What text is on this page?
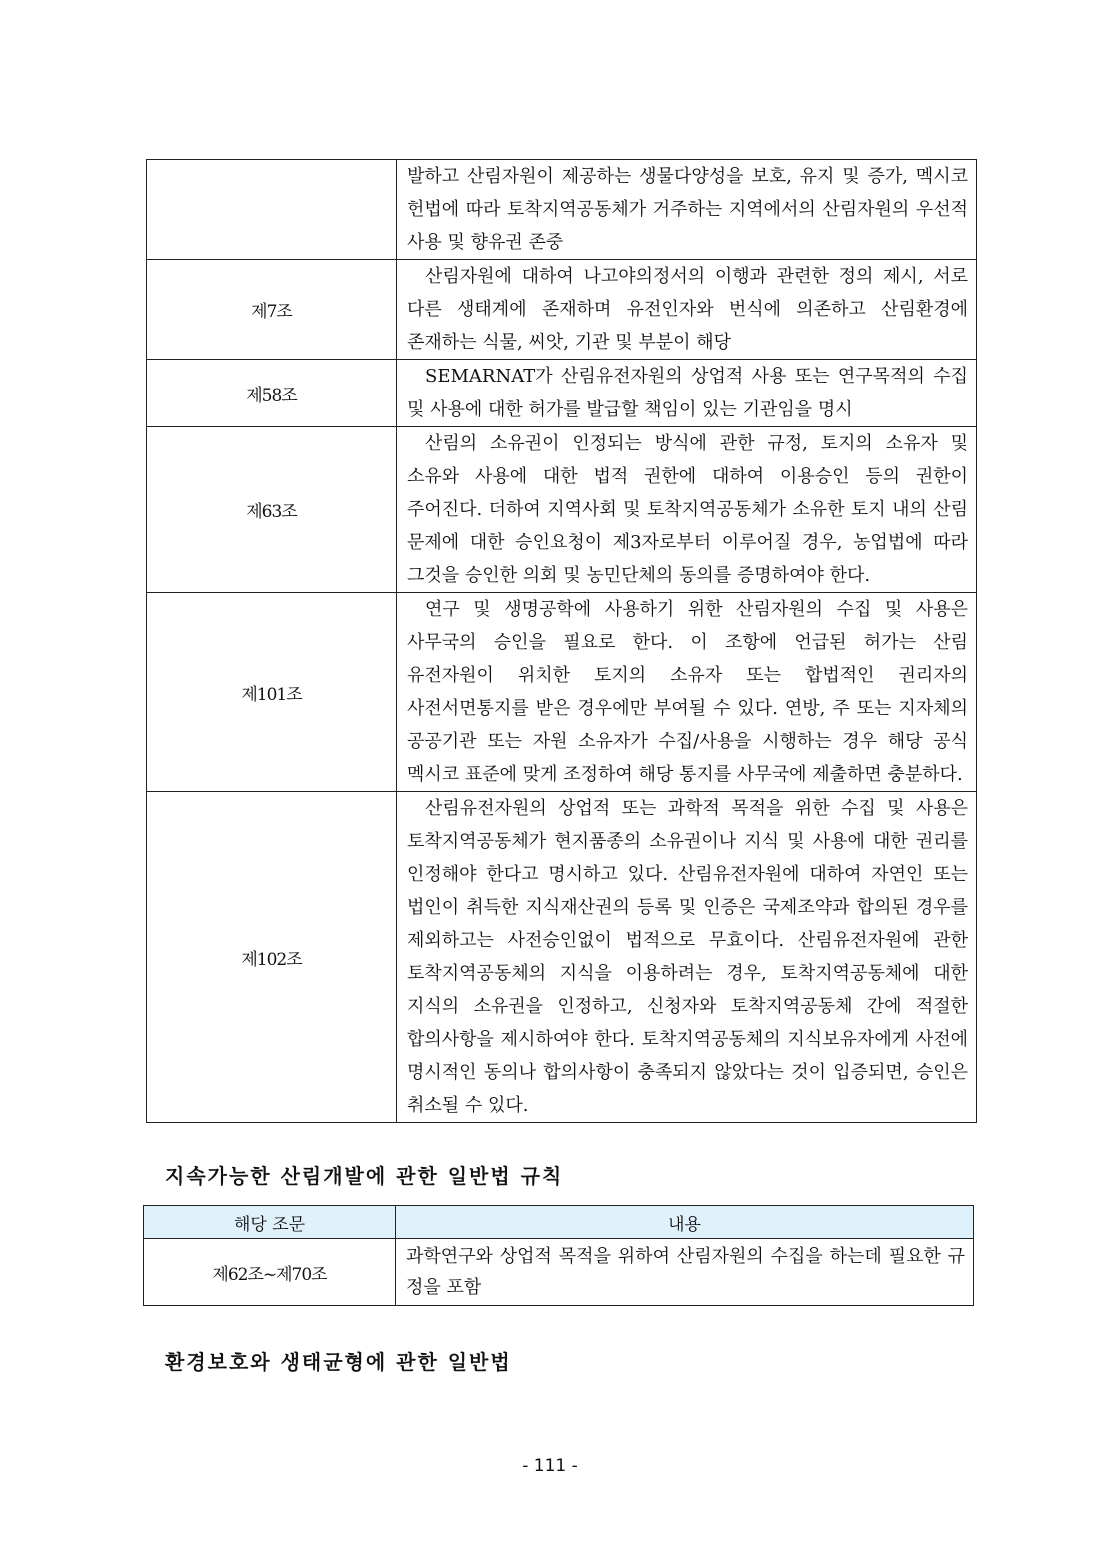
	발하고 산림자원이 제공하는 생물다양성을 보호, 유지 및 증가, 멕시코 헌법에 따라 토착지역공동체가 거주하는 지역에서의 산림자원의 우선적 사용 및 향유권 존중
제7조	산림자원에 대하여 나고야의정서의 이행과 관련한 정의 제시, 서로 다른 생태계에 존재하며 유전인자와 번식에 의존하고 산림환경에 존재하는 식물, 씨앗, 기관 및 부분이 해당
제58조	SEMARNAT가 산림유전자원의 상업적 사용 또는 연구목적의 수집 및 사용에 대한 허가를 발급할 책임이 있는 기관임을 명시
제63조	산림의 소유권이 인정되는 방식에 관한 규정, 토지의 소유자 및 소유와 사용에 대한 법적 권한에 대하여 이용승인 등의 권한이 주어진다. 더하여 지역사회 및 토착지역공동체가 소유한 토지 내의 산림 문제에 대한 승인요청이 제3자로부터 이루어질 경우, 농업법에 따라 그것을 승인한 의회 및 농민단체의 동의를 증명하여야 한다.
제101조	연구 및 생명공학에 사용하기 위한 산림자원의 수집 및 사용은 사무국의 승인을 필요로 한다. 이 조항에 언급된 허가는 산림 유전자원이 위치한 토지의 소유자 또는 합법적인 권리자의 사전서면통지를 받은 경우에만 부여될 수 있다. 연방, 주 또는 지자체의 공공기관 또는 자원 소유자가 수집/사용을 시행하는 경우 해당 공식 멕시코 표준에 맞게 조정하여 해당 통지를 사무국에 제출하면 충분하다.
제102조	산림유전자원의 상업적 또는 과학적 목적을 위한 수집 및 사용은 토착지역공동체가 현지품종의 소유권이나 지식 및 사용에 대한 권리를 인정해야 한다고 명시하고 있다. 산림유전자원에 대하여 자연인 또는 법인이 취득한 지식재산권의 등록 및 인증은 국제조약과 합의된 경우를 제외하고는 사전승인없이 법적으로 무효이다. 산림유전자원에 관한 토착지역공동체의 지식을 이용하려는 경우, 토착지역공동체에 대한 지식의 소유권을 인정하고, 신청자와 토착지역공동체 간에 적절한 합의사항을 제시하여야 한다. 토착지역공동체의 지식보유자에게 사전에 명시적인 동의나 합의사항이 충족되지 않았다는 것이 입증되면, 승인은 취소될 수 있다.
지속가능한 산림개발에 관한 일반법 규칙
해당 조문	내용
제62조~제70조	과학연구와 상업적 목적을 위하여 산림자원의 수집을 하는데 필요한 규정을 포함
환경보호와 생태균형에 관한 일반법
- 111 -
